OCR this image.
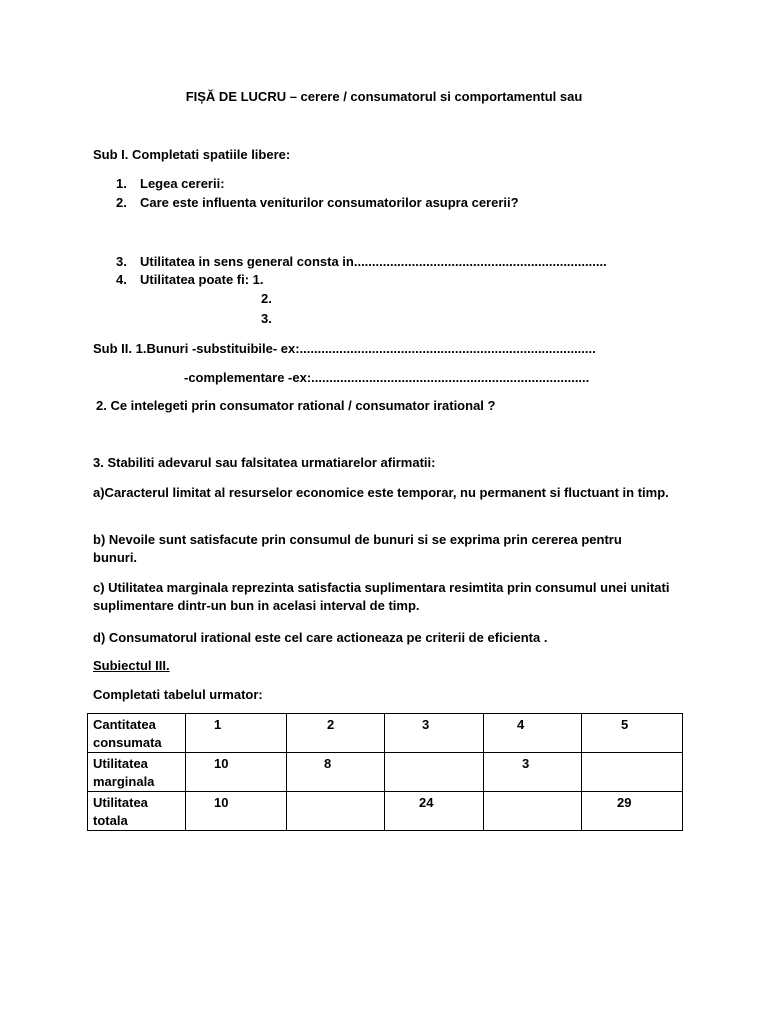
FIȘĂ DE LUCRU – cerere / consumatorul si comportamentul sau
Sub I. Completati spatiile libere:
1. Legea cererii:
2. Care este influenta veniturilor consumatorilor asupra cererii?
3. Utilitatea in sens general consta in......................................................................
4. Utilitatea poate fi: 1.
2.
3.
Sub II. 1.Bunuri -substituibile- ex:..................................................................................
-complementare -ex:.............................................................................
2. Ce intelegeti prin consumator rational / consumator irational ?
3. Stabiliti adevarul sau falsitatea urmatiarelor afirmatii:
a)Caracterul limitat al resurselor economice este temporar, nu permanent si fluctuant in timp.
b) Nevoile sunt satisfacute prin consumul de bunuri si se exprima prin cererea pentru bunuri.
c) Utilitatea marginala reprezinta satisfactia suplimentara resimtita prin consumul unei unitati suplimentare dintr-un bun in acelasi interval de timp.
d) Consumatorul irational este cel care actioneaza pe criterii de eficienta .
Subiectul III.
Completati tabelul urmator:
Cantitatea consumata	1	2	3	4	5
Utilitatea marginala	10	8		3	
Utilitatea totala	10		24		29
